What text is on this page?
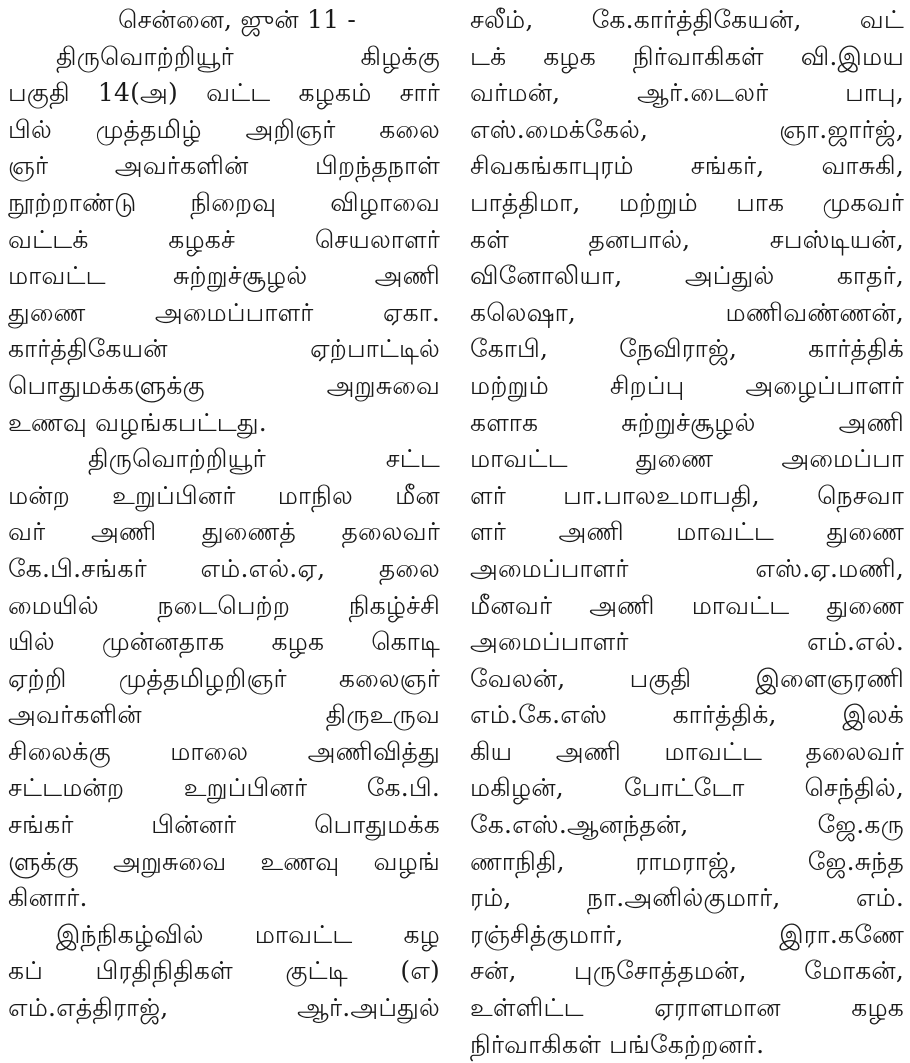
சென்னை, ஜுன் 11 -
திருவொற்றியூர் கிழக்கு
பகுதி 14(அ) வட்ட கழகம் சார்
பில் முத்தமிழ் அறிஞர் கலை
ஞர் அவர்களின் பிறந்தநாள்
நூற்றாண்டு நிறைவு விழாவை
வட்டக் கழகச் செயலாளர்
மாவட்ட சுற்றுச்சூழல் அணி
துணை அமைப்பாளர் ஏகா.
கார்த்திகேயன் ஏற்பாட்டில்
பொதுமக்களுக்கு அறுசுவை
உணவு வழங்கபட்டது.
திருவொற்றியூர் சட்ட
மன்ற உறுப்பினர் மாநில மீன
வர் அணி துணைத் தலைவர்
கே.பி.சங்கர் எம்.எல்.ஏ, தலை
மையில் நடைபெற்ற நிகழ்ச்சி
யில் முன்னதாக கழக கொடி
ஏற்றி முத்தமிழறிஞர் கலைஞர்
அவர்களின் திருஉருவ
சிலைக்கு மாலை அணிவித்து
சட்டமன்ற உறுப்பினர் கே.பி.
சங்கர் பின்னர் பொதுமக்க
ளுக்கு அறுசுவை உணவு வழங்
கினார்.
இந்நிகழ்வில் மாவட்ட கழ
கப் பிரதிநிதிகள் குட்டி (எ)
எம்.எத்திராஜ், ஆர்.அப்துல்
சலீம், கே.கார்த்திகேயன், வட்
டக் கழக நிர்வாகிகள் வி.இமய
வர்மன், ஆர்.டைலர் பாபு,
எஸ்.மைக்கேல், ஞா.ஜார்ஜ்,
சிவகங்காபுரம் சங்கர், வாசுகி,
பாத்திமா, மற்றும் பாக முகவர்
கள் தனபால், சபஸ்டியன்,
வினோலியா, அப்துல் காதர்,
கலெஷா, மணிவண்ணன்,
கோபி, நேவிராஜ், கார்த்திக்
மற்றும் சிறப்பு அழைப்பாளர்
களாக சுற்றுச்சூழல் அணி
மாவட்ட துணை அமைப்பா
ளர் பா.பாலஉமாபதி, நெசவா
ளர் அணி மாவட்ட துணை
அமைப்பாளர் எஸ்.ஏ.மணி,
மீனவர் அணி மாவட்ட துணை
அமைப்பாளர் எம்.எல்.
வேலன், பகுதி இளைஞரணி
எம்.கே.எஸ் கார்த்திக், இலக்
கிய அணி மாவட்ட தலைவர்
மகிழன், போட்டோ செந்தில்,
கே.எஸ்.ஆனந்தன், ஜே.கரு
ணாநிதி, ராமராஜ், ஜே.சுந்த
ரம், நா.அனில்குமார், எம்.
ரஞ்சித்குமார், இரா.கணே
சன், புருசோத்தமன், மோகன்,
உள்ளிட்ட ஏராளமான கழக
நிர்வாகிகள் பங்கேற்றனர்.
